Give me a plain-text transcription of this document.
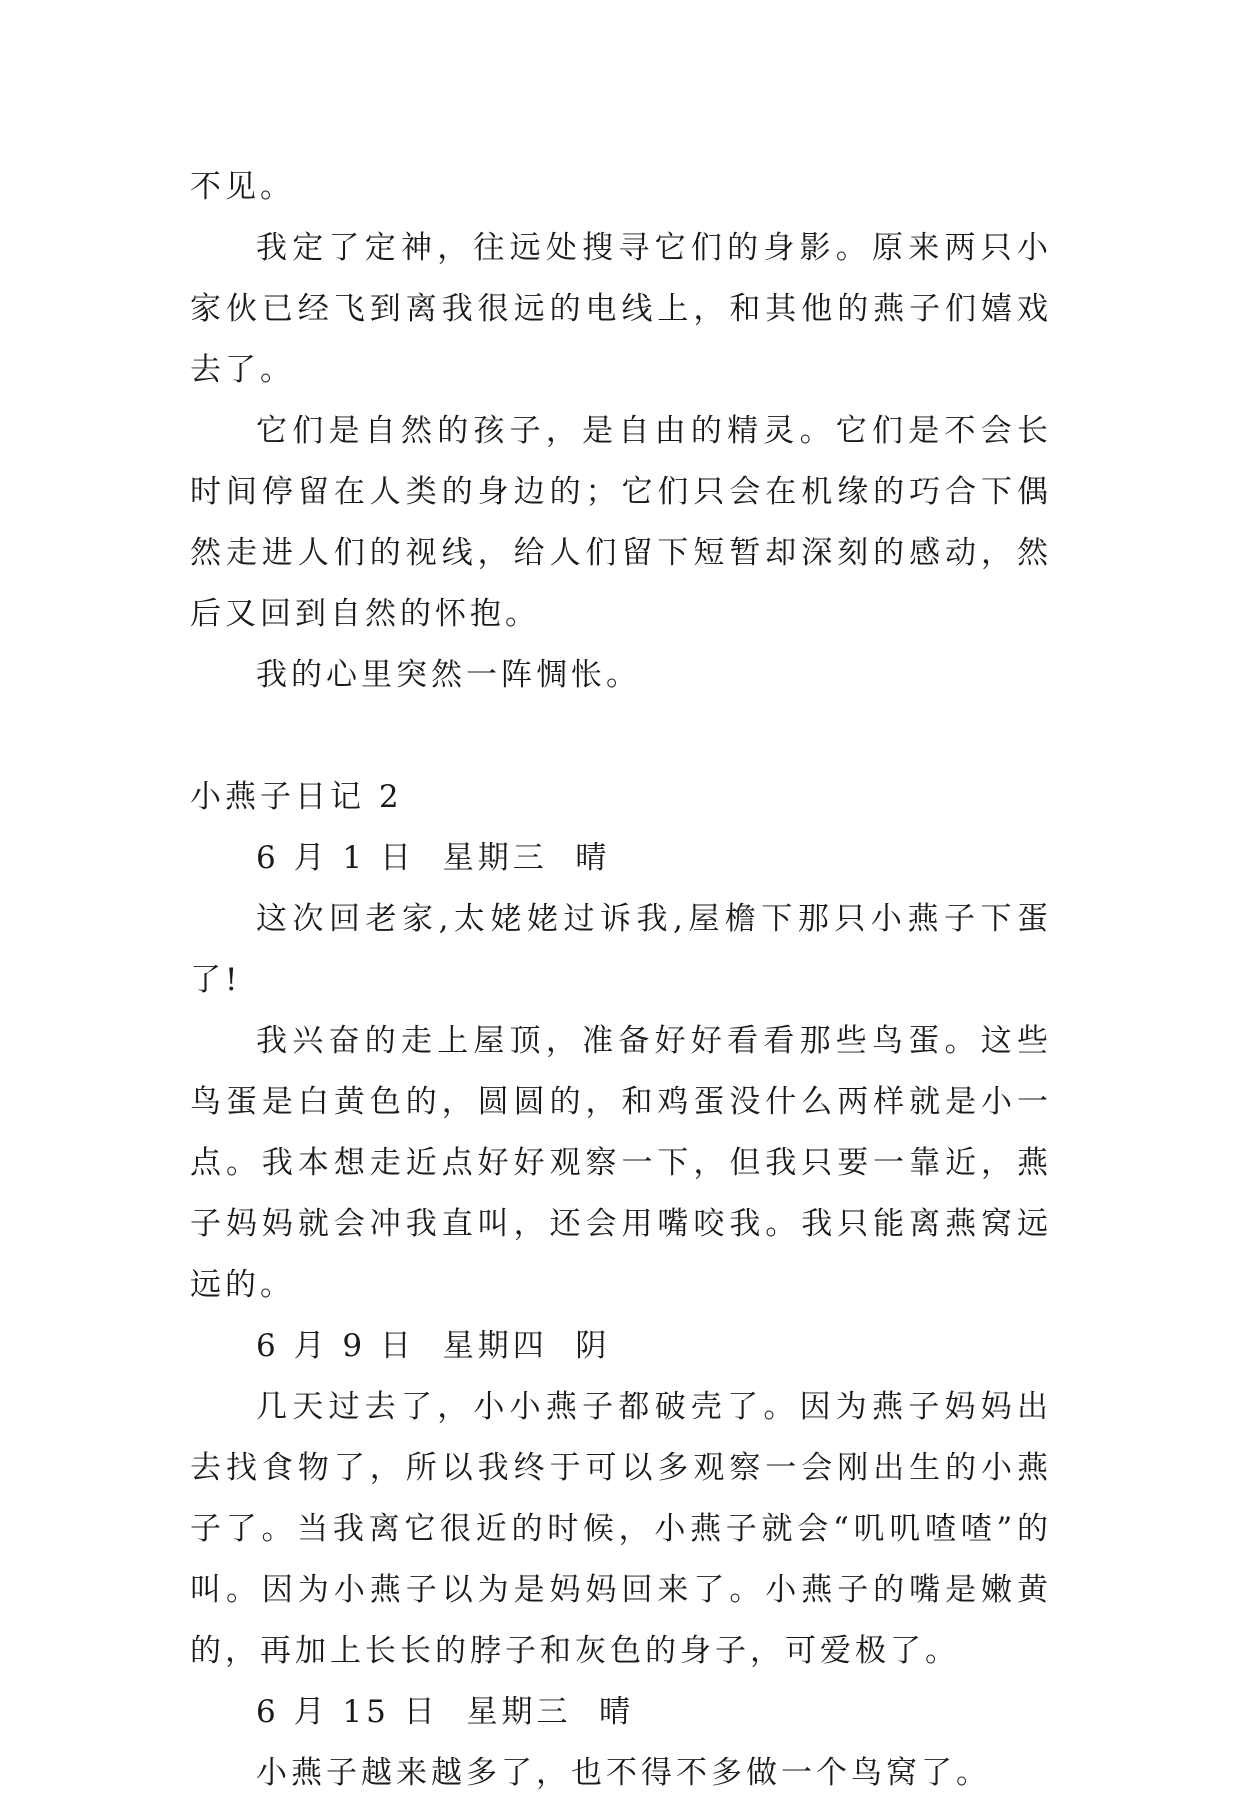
不见。

我定了定神，往远处搜寻它们的身影。原来两只小家伙已经飞到离我很远的电线上，和其他的燕子们嬉戏去了。

它们是自然的孩子，是自由的精灵。它们是不会长时间停留在人类的身边的；它们只会在机缘的巧合下偶然走进人们的视线，给人们留下短暂却深刻的感动，然后又回到自然的怀抱。

我的心里突然一阵惆怅。

小燕子日记 2

6 月 1 日  星期三  晴

这次回老家,太姥姥过诉我,屋檐下那只小燕子下蛋了!

我兴奋的走上屋顶，准备好好看看那些鸟蛋。这些鸟蛋是白黄色的，圆圆的，和鸡蛋没什么两样就是小一点。我本想走近点好好观察一下，但我只要一靠近，燕子妈妈就会冲我直叫，还会用嘴咬我。我只能离燕窝远远的。

6 月 9 日  星期四  阴

几天过去了，小小燕子都破壳了。因为燕子妈妈出去找食物了，所以我终于可以多观察一会刚出生的小燕子了。当我离它很近的时候，小燕子就会“叽叽喳喳”的叫。因为小燕子以为是妈妈回来了。小燕子的嘴是嫩黄的，再加上长长的脖子和灰色的身子，可爱极了。

6 月 15 日  星期三  晴

小燕子越来越多了，也不得不多做一个鸟窝了。
